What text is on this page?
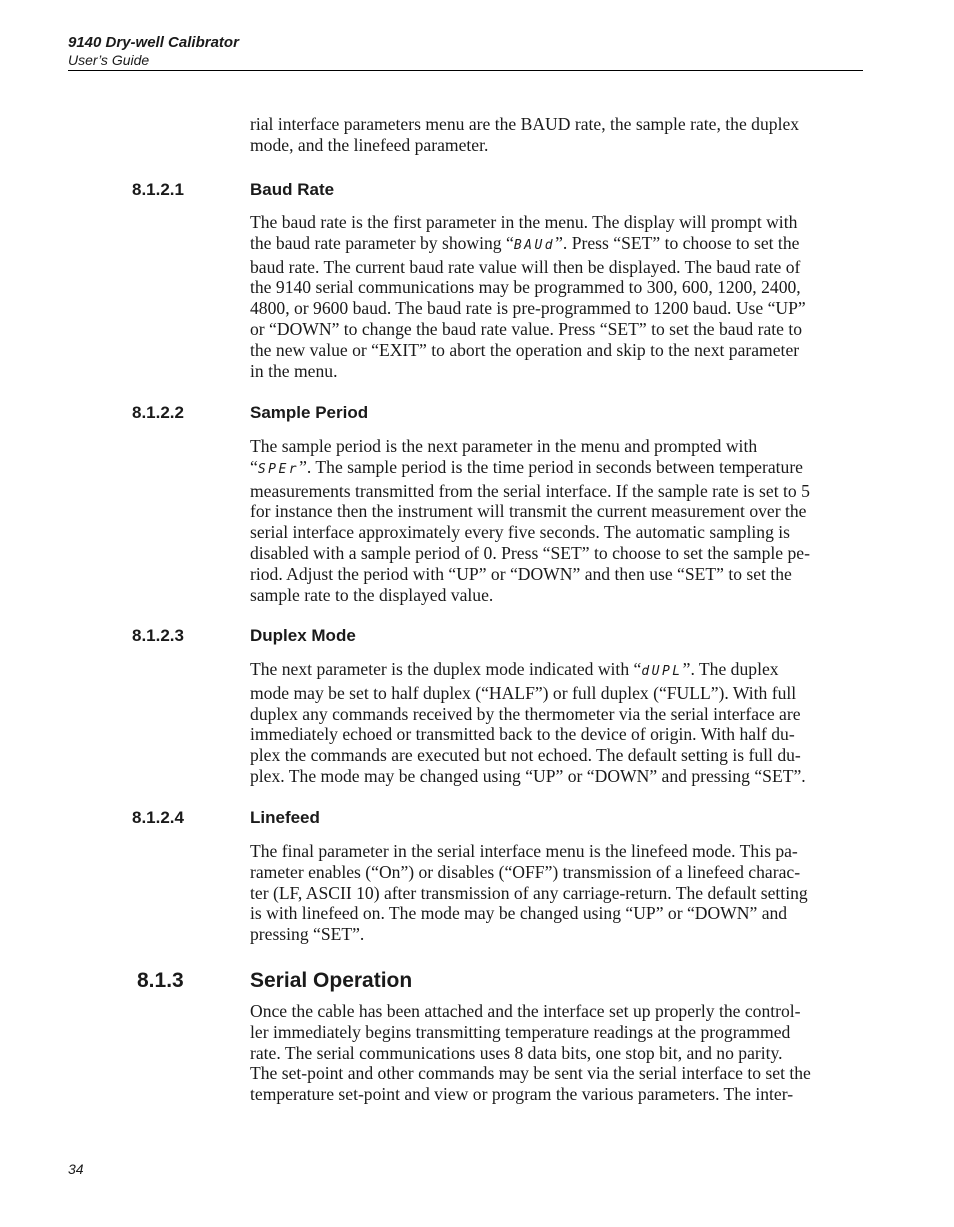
9140 Dry-well Calibrator
User’s Guide
rial interface parameters menu are the BAUD rate, the sample rate, the duplex
mode, and the linefeed parameter.
8.1.2.1	Baud Rate
The baud rate is the first parameter in the menu. The display will prompt with
the baud rate parameter by showing “BAUd”. Press “SET” to choose to set the
baud rate. The current baud rate value will then be displayed. The baud rate of
the 9140 serial communications may be programmed to 300, 600, 1200, 2400,
4800, or 9600 baud. The baud rate is pre-programmed to 1200 baud. Use “UP”
or “DOWN” to change the baud rate value. Press “SET” to set the baud rate to
the new value or “EXIT” to abort the operation and skip to the next parameter
in the menu.
8.1.2.2	Sample Period
The sample period is the next parameter in the menu and prompted with
“SPEr”. The sample period is the time period in seconds between temperature
measurements transmitted from the serial interface. If the sample rate is set to 5
for instance then the instrument will transmit the current measurement over the
serial interface approximately every five seconds. The automatic sampling is
disabled with a sample period of 0. Press “SET” to choose to set the sample pe-
riod. Adjust the period with “UP” or “DOWN” and then use “SET” to set the
sample rate to the displayed value.
8.1.2.3	Duplex Mode
The next parameter is the duplex mode indicated with “dUPL”. The duplex
mode may be set to half duplex (“HALF”) or full duplex (“FULL”). With full
duplex any commands received by the thermometer via the serial interface are
immediately echoed or transmitted back to the device of origin. With half du-
plex the commands are executed but not echoed. The default setting is full du-
plex. The mode may be changed using “UP” or “DOWN” and pressing “SET”.
8.1.2.4	Linefeed
The final parameter in the serial interface menu is the linefeed mode. This pa-
rameter enables (“On”) or disables (“OFF”) transmission of a linefeed charac-
ter (LF, ASCII 10) after transmission of any carriage-return. The default setting
is with linefeed on. The mode may be changed using “UP” or “DOWN” and
pressing “SET”.
8.1.3	Serial Operation
Once the cable has been attached and the interface set up properly the control-
ler immediately begins transmitting temperature readings at the programmed
rate. The serial communications uses 8 data bits, one stop bit, and no parity.
The set-point and other commands may be sent via the serial interface to set the
temperature set-point and view or program the various parameters. The inter-
34
